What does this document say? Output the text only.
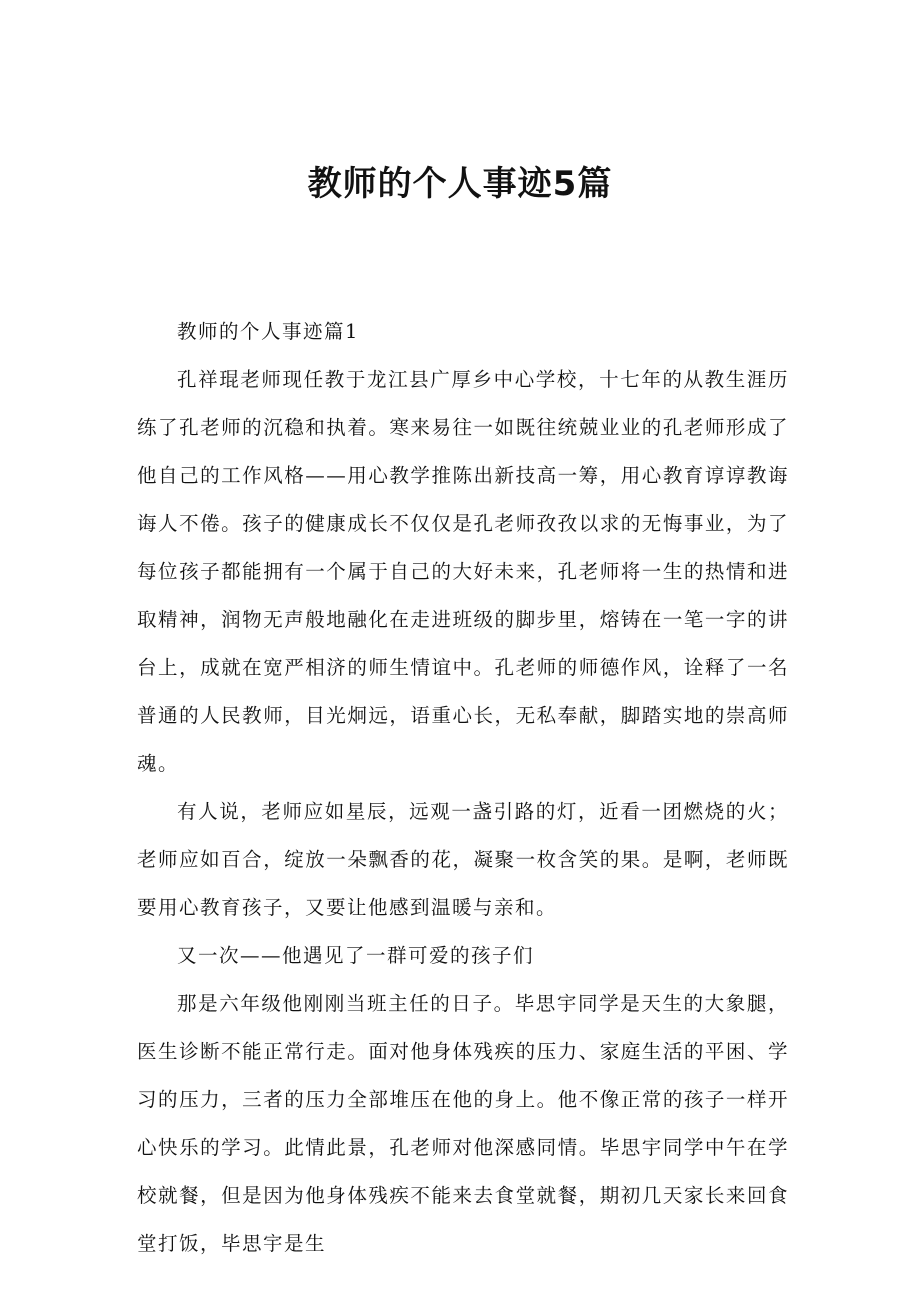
教师的个人事迹5篇

教师的个人事迹篇1

孔祥琨老师现任教于龙江县广厚乡中心学校，十七年的从教生涯历练了孔老师的沉稳和执着。寒来易往一如既往统兢业业的孔老师形成了他自己的工作风格——用心教学推陈出新技高一筹，用心教育谆谆教诲诲人不倦。孩子的健康成长不仅仅是孔老师孜孜以求的无悔事业，为了每位孩子都能拥有一个属于自己的大好未来，孔老师将一生的热情和进取精神，润物无声般地融化在走进班级的脚步里，熔铸在一笔一字的讲台上，成就在宽严相济的师生情谊中。孔老师的师德作风，诠释了一名普通的人民教师，目光炯远，语重心长，无私奉献，脚踏实地的崇高师魂。

有人说，老师应如星辰，远观一盏引路的灯，近看一团燃烧的火；老师应如百合，绽放一朵飘香的花，凝聚一枚含笑的果。是啊，老师既要用心教育孩子，又要让他感到温暖与亲和。

又一次——他遇见了一群可爱的孩子们

那是六年级他刚刚当班主任的日子。毕思宇同学是天生的大象腿，医生诊断不能正常行走。面对他身体残疾的压力、家庭生活的平困、学习的压力，三者的压力全部堆压在他的身上。他不像正常的孩子一样开心快乐的学习。此情此景，孔老师对他深感同情。毕思宇同学中午在学校就餐，但是因为他身体残疾不能来去食堂就餐，期初几天家长来回食堂打饭，毕思宇是生
